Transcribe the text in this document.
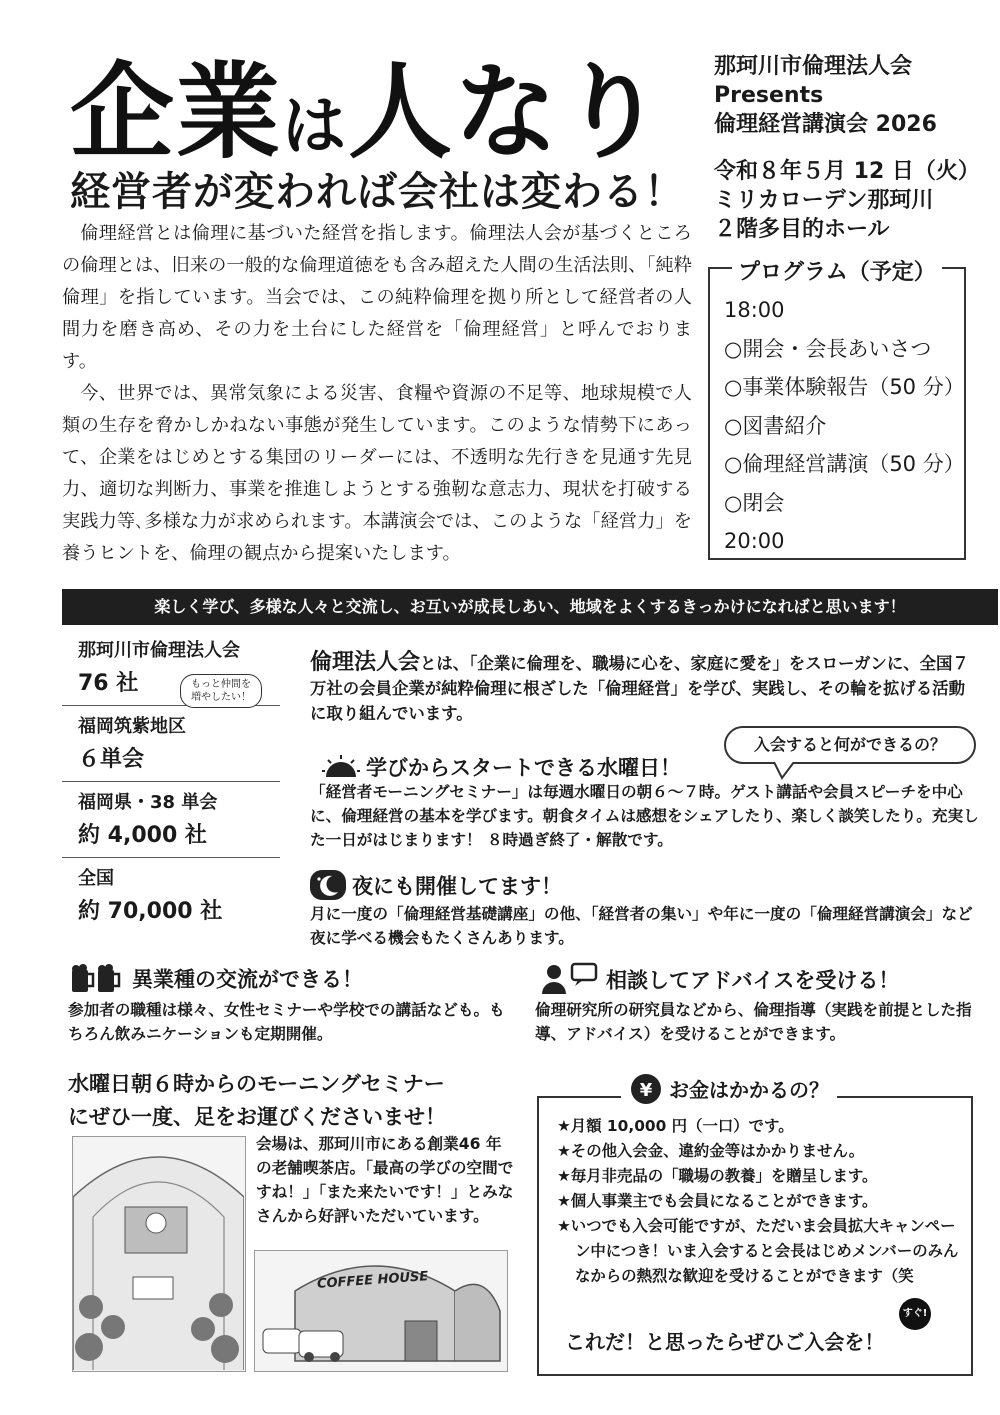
企業は人なり
経営者が変われば会社は変わる！
那珂川市倫理法人会
Presents
倫理経営講演会 2026
令和８年５月 12 日（火）
ミリカローデン那珂川
２階多目的ホール

倫理経営とは倫理に基づいた経営を指します。倫理法人会が基づくところの倫理とは、旧来の一般的な倫理道徳をも含み超えた人間の生活法則、「純粋倫理」を指しています。当会では、この純粋倫理を拠り所として経営者の人間力を磨き高め、その力を土台にした経営を「倫理経営」と呼んでおります。

今、世界では、異常気象による災害、食糧や資源の不足等、地球規模で人類の生存を脅かしかねない事態が発生しています。このような情勢下にあって、企業をはじめとする集団のリーダーには、不透明な先行きを見通す先見力、適切な判断力、事業を推進しようとする強靭な意志力、現状を打破する実践力等､多様な力が求められます。本講演会では、このような「経営力」を養うヒントを、倫理の観点から提案いたします。

プログラム（予定）
18:00
○開会・会長あいさつ
○事業体験報告（50 分）
○図書紹介
○倫理経営講演（50 分）
○閉会
20:00
楽しく学び、多様な人々と交流し、お互いが成長しあい、地域をよくするきっかけになればと思います！
那珂川市倫理法人会
76 社	もっと仲間を
増やしたい！
福岡筑紫地区
６単会
福岡県・38 単会
約 4,000 社
全国
約 70,000 社
倫理法人会とは、「企業に倫理を、職場に心を、家庭に愛を」をスローガンに、全国７万社の会員企業が純粋倫理に根ざした「倫理経営」を学び、実践し、その輪を拡げる活動に取り組んでいます。
入会すると何ができるの？
学びからスタートできる水曜日！
「経営者モーニングセミナー」は毎週水曜日の朝６～７時。ゲスト講話や会員スピーチを中心に、倫理経営の基本を学びます。朝食タイムは感想をシェアしたり、楽しく談笑したり。充実した一日がはじまります！ ８時過ぎ終了・解散です。
夜にも開催してます！
月に一度の「倫理経営基礎講座」の他、「経営者の集い」や年に一度の「倫理経営講演会」など夜に学べる機会もたくさんあります。
異業種の交流ができる！
参加者の職種は様々、女性セミナーや学校での講話なども。もちろん飲みニケーションも定期開催。
相談してアドバイスを受ける！
倫理研究所の研究員などから、倫理指導（実践を前提とした指導、アドバイス）を受けることができます。
水曜日朝６時からのモーニングセミナー
にぜひ一度、足をお運びくださいませ！
COFFEE HOUSE
会場は、那珂川市にある創業46 年の老舗喫茶店。「最高の学びの空間ですね！」「また来たいです！」とみなさんから好評いただいています。
¥ お金はかかるの？
★月額 10,000 円（一口）です。
★その他入会金、違約金等はかかりません。
★毎月非売品の「職場の教養」を贈呈します。
★個人事業主でも会員になることができます。
★いつでも入会可能ですが、ただいま会員拡大キャンペーン中につき！いま入会すると会長はじめメンバーのみんなからの熱烈な歓迎を受けることができます（笑
これだ！と思ったらぜひご入会を！
すぐ!
